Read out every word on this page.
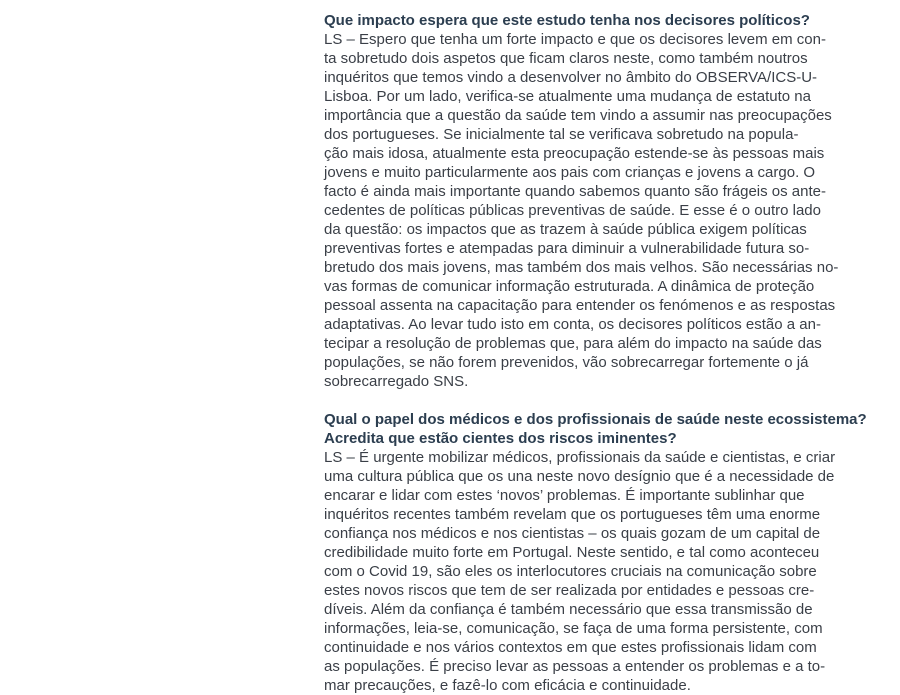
Que impacto espera que este estudo tenha nos decisores políticos?

LS – Espero que tenha um forte impacto e que os decisores levem em con-
ta sobretudo dois aspetos que ficam claros neste, como também noutros
inquéritos que temos vindo a desenvolver no âmbito do OBSERVA/ICS-U-
Lisboa. Por um lado, verifica-se atualmente uma mudança de estatuto na
importância que a questão da saúde tem vindo a assumir nas preocupações
dos portugueses. Se inicialmente tal se verificava sobretudo na popula-
ção mais idosa, atualmente esta preocupação estende-se às pessoas mais
jovens e muito particularmente aos pais com crianças e jovens a cargo. O
facto é ainda mais importante quando sabemos quanto são frágeis os ante-
cedentes de políticas públicas preventivas de saúde. E esse é o outro lado
da questão: os impactos que as trazem à saúde pública exigem políticas
preventivas fortes e atempadas para diminuir a vulnerabilidade futura so-
bretudo dos mais jovens, mas também dos mais velhos. São necessárias no-
vas formas de comunicar informação estruturada. A dinâmica de proteção
pessoal assenta na capacitação para entender os fenómenos e as respostas
adaptativas. Ao levar tudo isto em conta, os decisores políticos estão a an-
tecipar a resolução de problemas que, para além do impacto na saúde das
populações, se não forem prevenidos, vão sobrecarregar fortemente o já
sobrecarregado SNS.

Qual o papel dos médicos e dos profissionais de saúde neste ecossistema?
Acredita que estão cientes dos riscos iminentes?

LS – É urgente mobilizar médicos, profissionais da saúde e cientistas, e criar
uma cultura pública que os una neste novo desígnio que é a necessidade de
encarar e lidar com estes ‘novos’ problemas. É importante sublinhar que
inquéritos recentes também revelam que os portugueses têm uma enorme
confiança nos médicos e nos cientistas – os quais gozam de um capital de
credibilidade muito forte em Portugal. Neste sentido, e tal como aconteceu
com o Covid 19, são eles os interlocutores cruciais na comunicação sobre
estes novos riscos que tem de ser realizada por entidades e pessoas cre-
díveis. Além da confiança é também necessário que essa transmissão de
informações, leia-se, comunicação, se faça de uma forma persistente, com
continuidade e nos vários contextos em que estes profissionais lidam com
as populações. É preciso levar as pessoas a entender os problemas e a to-
mar precauções, e fazê-lo com eficácia e continuidade.
